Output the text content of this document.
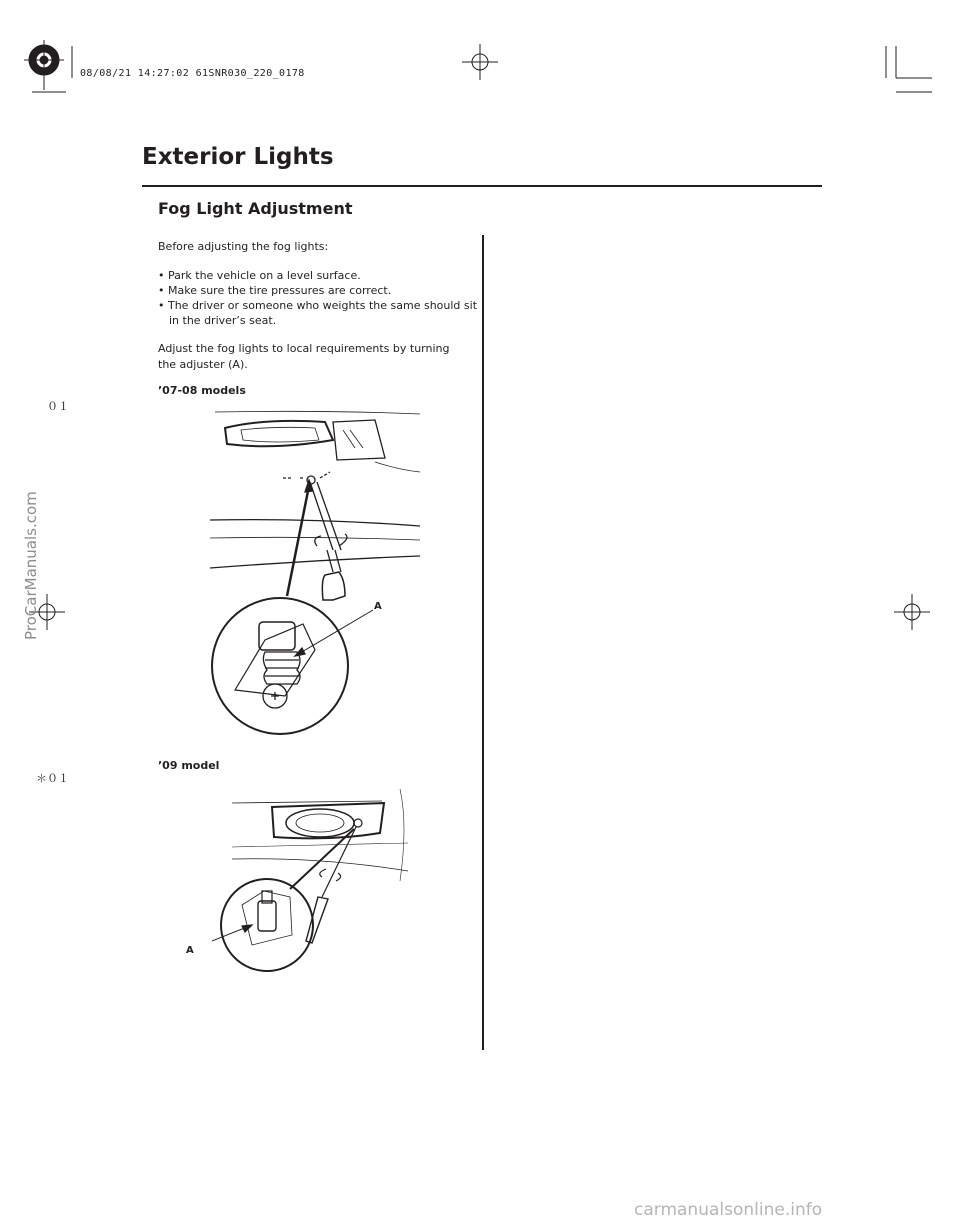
08/08/21 14:27:02 61SNR030_220_0178
Exterior Lights
Fog Light Adjustment
Before adjusting the fog lights:
• Park the vehicle on a level surface.
• Make sure the tire pressures are correct.
• The driver or someone who weights the same should sit in the driver’s seat.
Adjust the fog lights to local requirements by turning the adjuster (A).
’07-08 models
’09 model
０１
＊０１
A
A
ProCarManuals.com
carmanualsonline.info
